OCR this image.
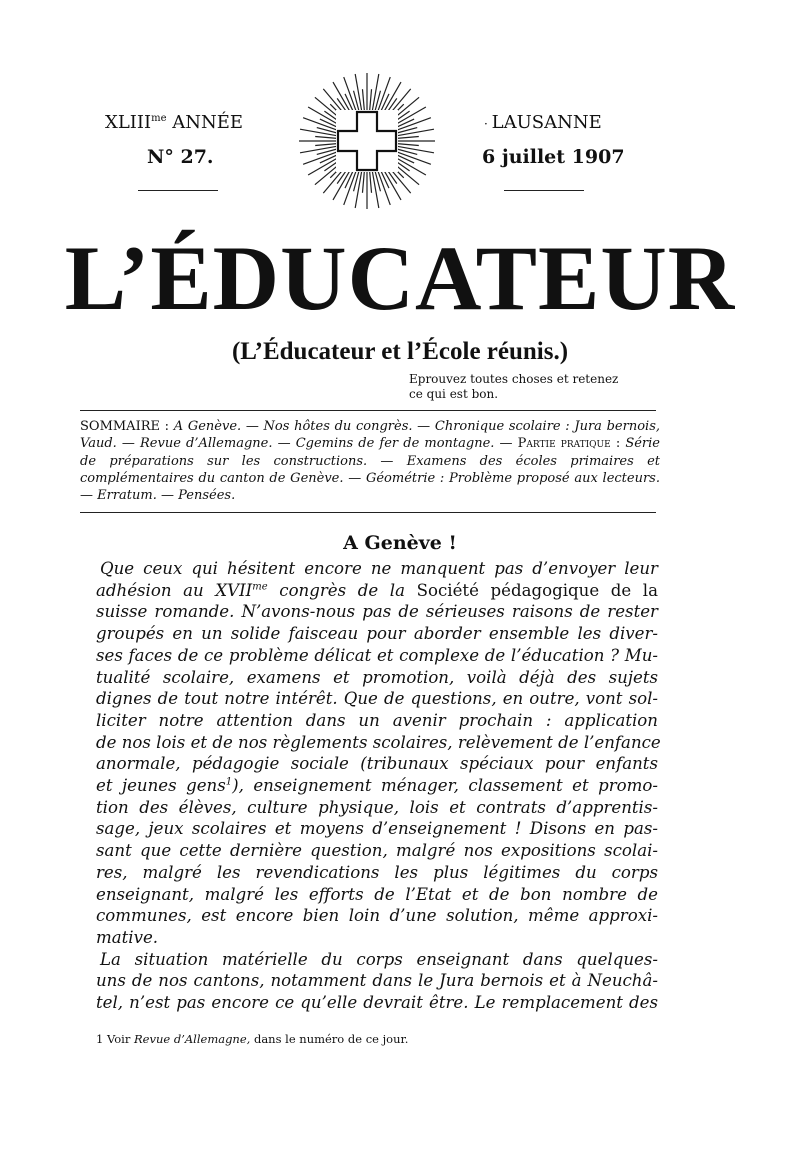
$XLIII^{me}$ ANNÉE
N° 27.
· LAUSANNE
6 juillet 1907
L’ÉDUCATEUR
(L’Éducateur et l’École réunis.)
Eprouvez toutes choses et retenez
ce qui est bon.
SOMMAIRE : A Genève. — Nos hôtes du congrès. — Chronique scolaire : Jura bernois, Vaud. — Revue d’Allemagne. — Cgemins de fer de montagne. — Partie pratique : Série de préparations sur les constructions. — Examens des écoles primaires et complémentaires du canton de Genève. — Géométrie : Problème proposé aux lecteurs. — Erratum. — Pensées.
A Genève !
Que ceux qui hésitent encore ne manquent pas d’envoyer leur
adhésion au $XVII^{me}$ congrès de la Société pédagogique de la
suisse romande. N’avons-nous pas de sérieuses raisons de rester
groupés en un solide faisceau pour aborder ensemble les diver-
ses faces de ce problème délicat et complexe de l’éducation ? Mu-
tualité scolaire, examens et promotion, voilà déjà des sujets
dignes de tout notre intérêt. Que de questions, en outre, vont sol-
liciter notre attention dans un avenir prochain : application
de nos lois et de nos règlements scolaires, relèvement de l’enfance
anormale, pédagogie sociale (tribunaux spéciaux pour enfants
et jeunes gens$^1$), enseignement ménager, classement et promo-
tion des élèves, culture physique, lois et contrats d’apprentis-
sage, jeux scolaires et moyens d’enseignement ! Disons en pas-
sant que cette dernière question, malgré nos expositions scolai-
res, malgré les revendications les plus légitimes du corps
enseignant, malgré les efforts de l’Etat et de bon nombre de
communes, est encore bien loin d’une solution, même approxi-
mative.
La situation matérielle du corps enseignant dans quelques-
uns de nos cantons, notamment dans le Jura bernois et à Neuchâ-
tel, n’est pas encore ce qu’elle devrait être. Le remplacement des
1 Voir Revue d’Allemagne, dans le numéro de ce jour.
